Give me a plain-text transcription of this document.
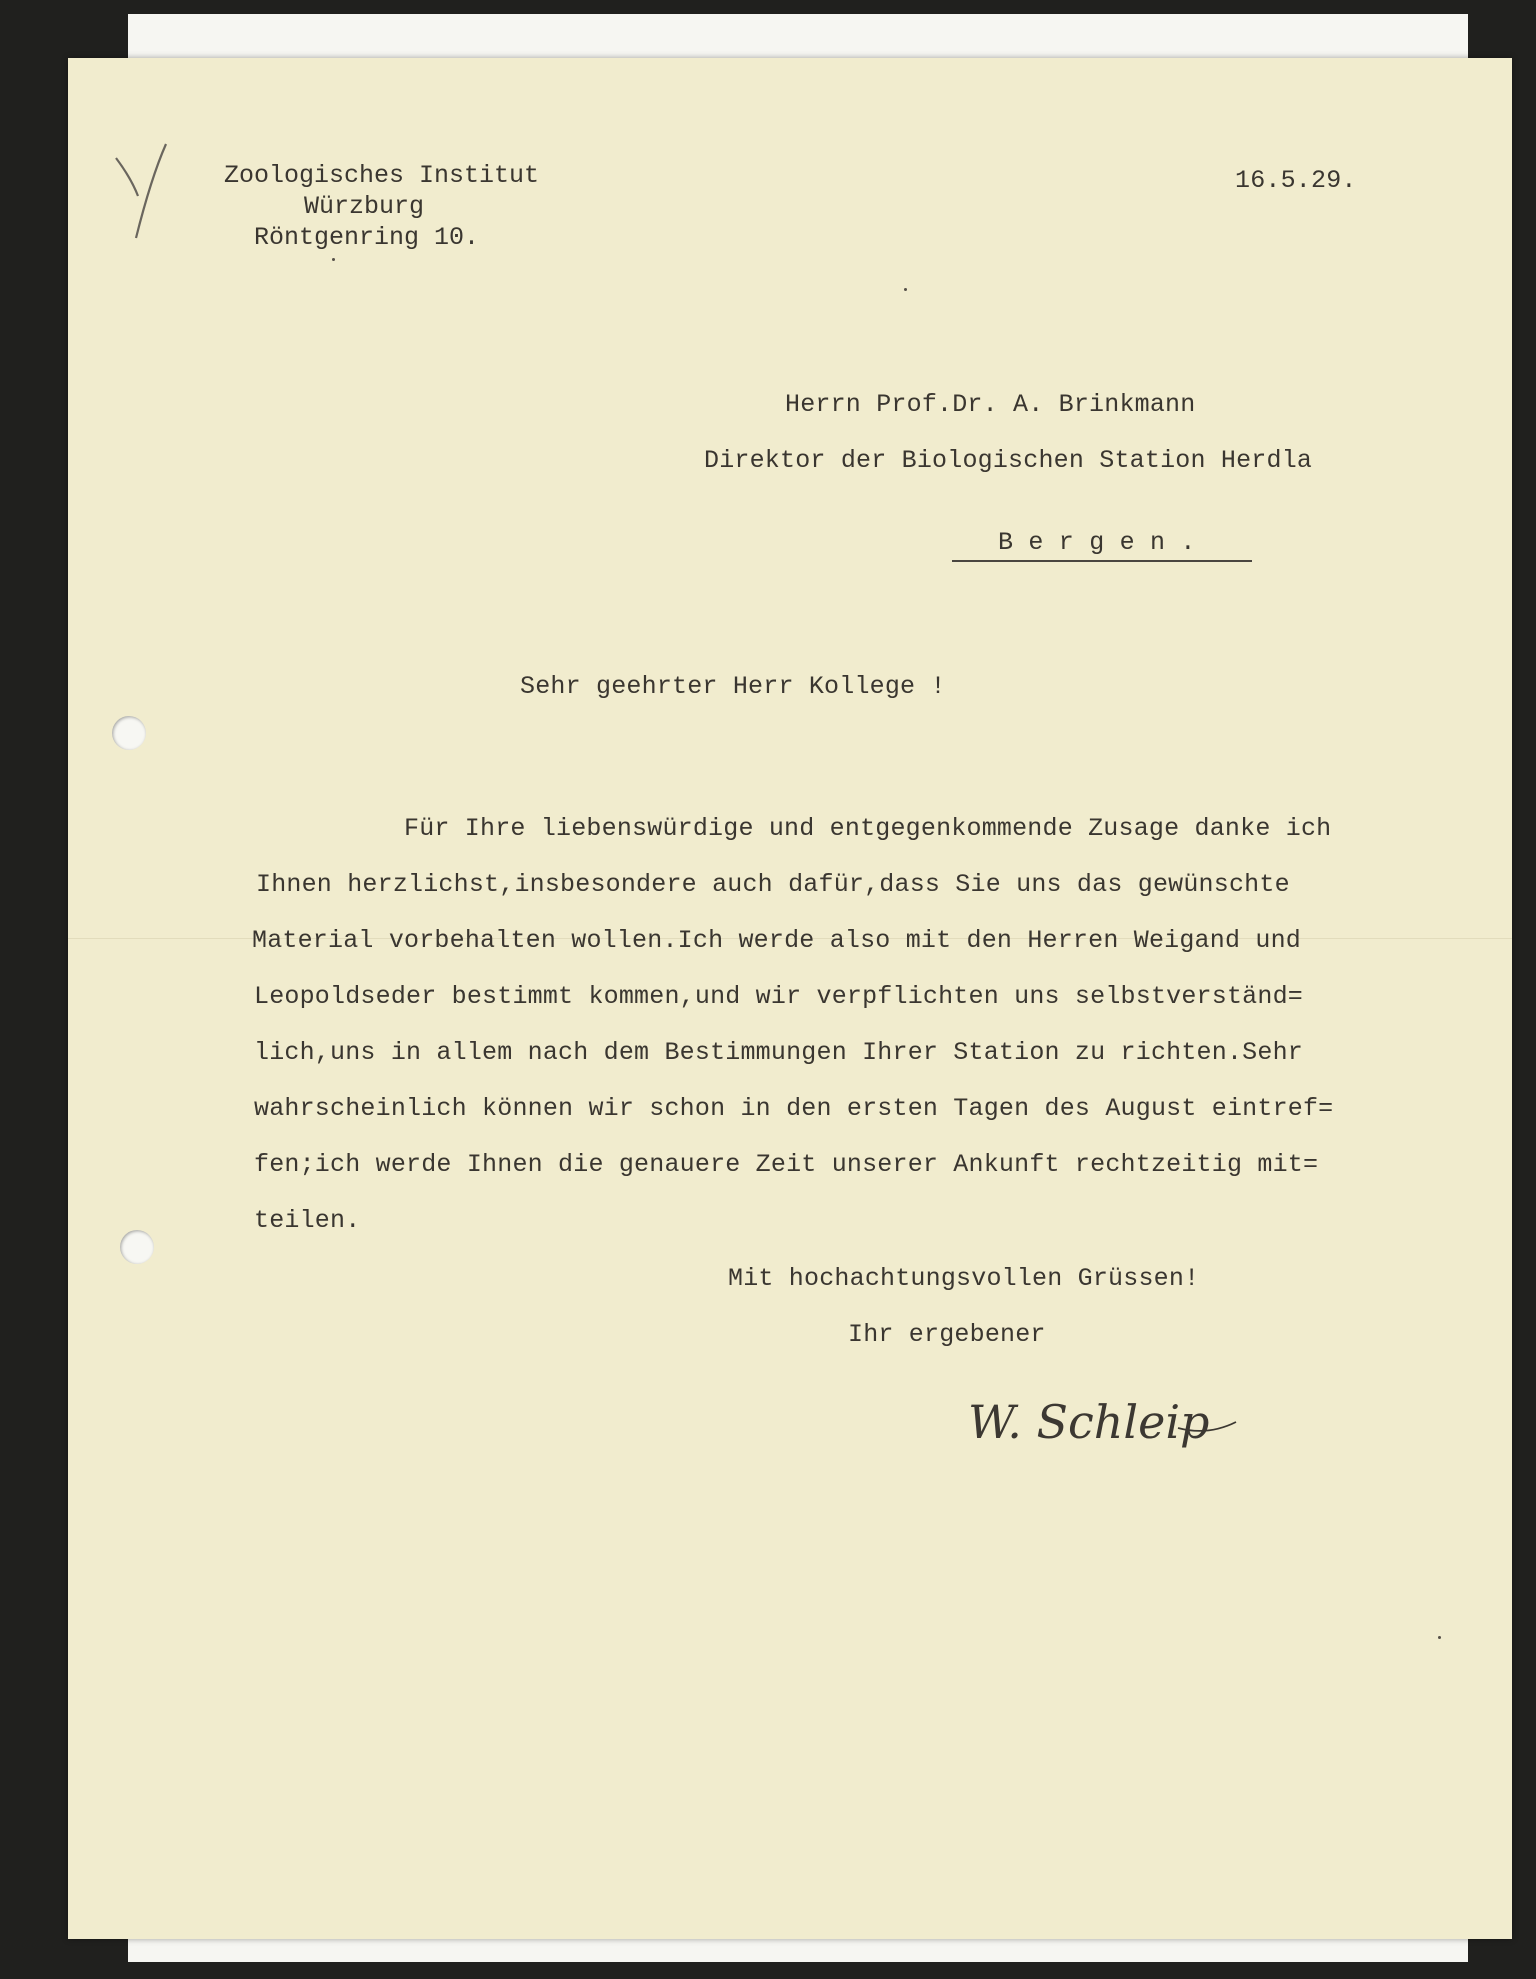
Zoologisches Institut
Würzburg
Röntgenring 10.
16.5.29.
Herrn Prof.Dr. A. Brinkmann
Direktor der Biologischen Station Herdla
B e r g e n .
Sehr geehrter Herr Kollege !
Für Ihre liebenswürdige und entgegenkommende Zusage danke ich
Ihnen herzlichst,insbesondere auch dafür,dass Sie uns das gewünschte
Material vorbehalten wollen.Ich werde also mit den Herren Weigand und
Leopoldseder bestimmt kommen,und wir verpflichten uns selbstverständ=
lich,uns in allem nach dem Bestimmungen Ihrer Station zu richten.Sehr
wahrscheinlich können wir schon in den ersten Tagen des August eintref=
fen;ich werde Ihnen die genauere Zeit unserer Ankunft rechtzeitig mit=
teilen.
Mit hochachtungsvollen Grüssen!
Ihr ergebener
W. Schleip
